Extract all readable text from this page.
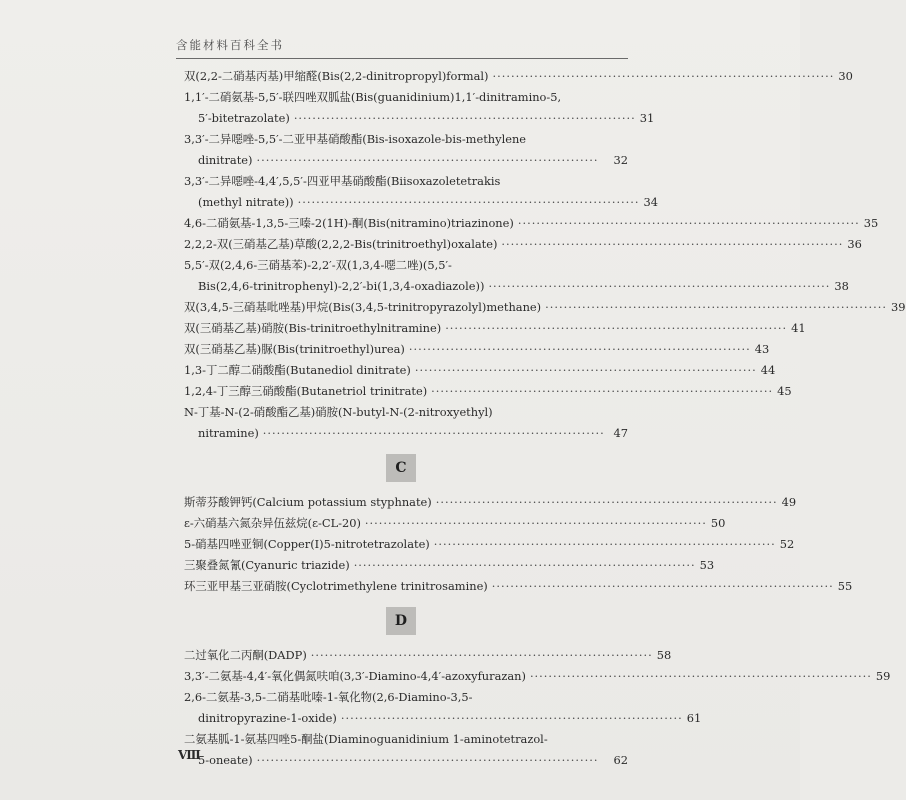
含能材料百科全书
双(2,2-二硝基丙基)甲缩醛(Bis(2,2-dinitropropyl)formal) ·········································································· 30
1,1′-二硝氨基-5,5′-联四唑双胍盐(Bis(guanidinium)1,1′-dinitramino-5,
5′-bitetrazolate) ·········································································· 31
3,3′-二异噁唑-5,5′-二亚甲基硝酸酯(Bis-isoxazole-bis-methylene
dinitrate) ··········································································	32
3,3′-二异噁唑-4,4′,5,5′-四亚甲基硝酸酯(Biisoxazoletetrakis
(methyl nitrate)) ·········································································· 34
4,6-二硝氨基-1,3,5-三嗪-2(1H)-酮(Bis(nitramino)triazinone) ·········································································· 35
2,2,2-双(三硝基乙基)草酸(2,2,2-Bis(trinitroethyl)oxalate) ·········································································· 36
5,5′-双(2,4,6-三硝基苯)-2,2′-双(1,3,4-噁二唑)(5,5′-
Bis(2,4,6-trinitrophenyl)-2,2′-bi(1,3,4-oxadiazole)) ·········································································· 38
双(3,4,5-三硝基吡唑基)甲烷(Bis(3,4,5-trinitropyrazolyl)methane) ·········································································· 39
双(三硝基乙基)硝胺(Bis-trinitroethylnitramine) ·········································································· 41
双(三硝基乙基)脲(Bis(trinitroethyl)urea) ·········································································· 43
1,3-丁二醇二硝酸酯(Butanediol dinitrate) ·········································································· 44
1,2,4-丁三醇三硝酸酯(Butanetriol trinitrate) ·········································································· 45
N-丁基-N-(2-硝酸酯乙基)硝胺(N-butyl-N-(2-nitroxyethyl)
nitramine) ·········································································· 47
C
斯蒂芬酸钾钙(Calcium potassium styphnate) ·········································································· 49
ε-六硝基六氮杂异伍兹烷(ε-CL-20) ·········································································· 50
5-硝基四唑亚铜(Copper(Ⅰ)5-nitrotetrazolate) ·········································································· 52
三聚叠氮氰(Cyanuric triazide) ·········································································· 53
环三亚甲基三亚硝胺(Cyclotrimethylene trinitrosamine) ·········································································· 55
D
二过氧化二丙酮(DADP) ·········································································· 58
3,3′-二氨基-4,4′-氧化偶氮呋咱(3,3′-Diamino-4,4′-azoxyfurazan) ·········································································· 59
2,6-二氨基-3,5-二硝基吡嗪-1-氧化物(2,6-Diamino-3,5-
dinitropyrazine-1-oxide) ·········································································· 61
二氨基胍-1-氨基四唑5-酮盐(Diaminoguanidinium 1-aminotetrazol-
5-oneate) ··········································································	62
Ⅷ
